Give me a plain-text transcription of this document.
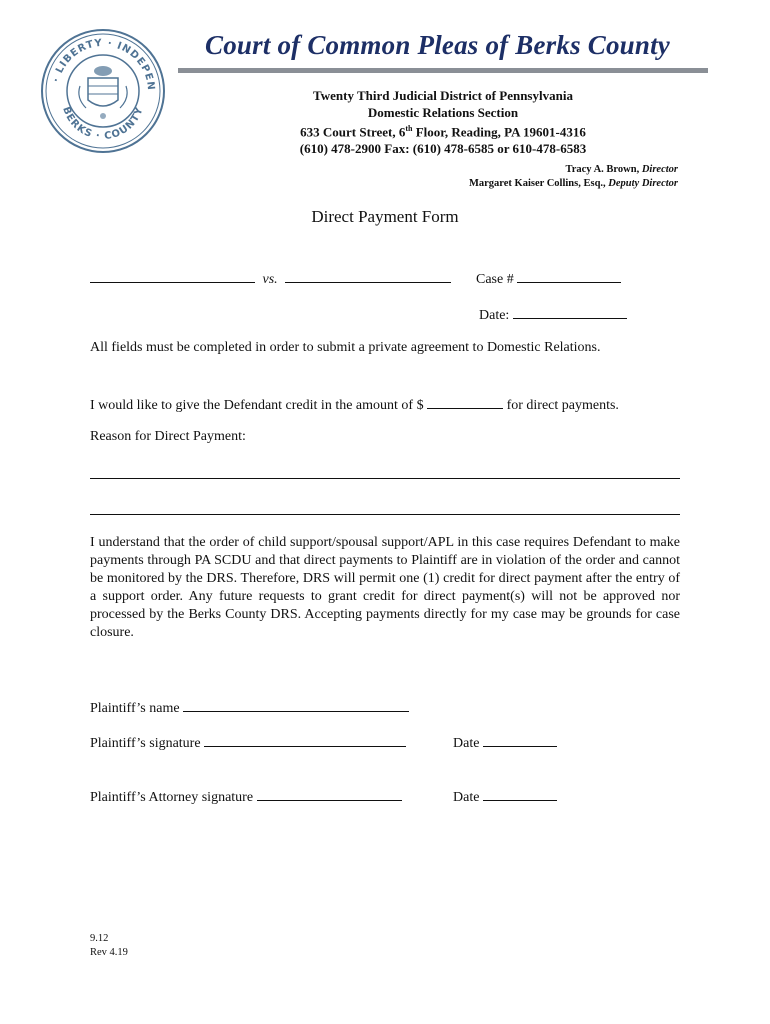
· LIBERTY · INDEPEN
BERKS · COUNTY
Court of Common Pleas of Berks County
Twenty Third Judicial District of Pennsylvania
Domestic Relations Section
633 Court Street, 6th Floor, Reading, PA 19601-4316
(610) 478-2900 Fax: (610) 478-6585 or 610-478-6583
Tracy A. Brown, Director
Margaret Kaiser Collins, Esq., Deputy Director
Direct Payment Form
vs.	Case #
Date:
All fields must be completed in order to submit a private agreement to Domestic Relations.
I would like to give the Defendant credit in the amount of $	for direct payments.
Reason for Direct Payment:
I understand that the order of child support/spousal support/APL in this case requires Defendant to make payments through PA SCDU and that direct payments to Plaintiff are in violation of the order and cannot be monitored by the DRS. Therefore, DRS will permit one (1) credit for direct payment after the entry of a support order. Any future requests to grant credit for direct payment(s) will not be approved nor processed by the Berks County DRS. Accepting payments directly for my case may be grounds for case closure.
Plaintiff’s name
Plaintiff’s signature	Date
Plaintiff’s Attorney signature	Date
9.12
Rev 4.19
